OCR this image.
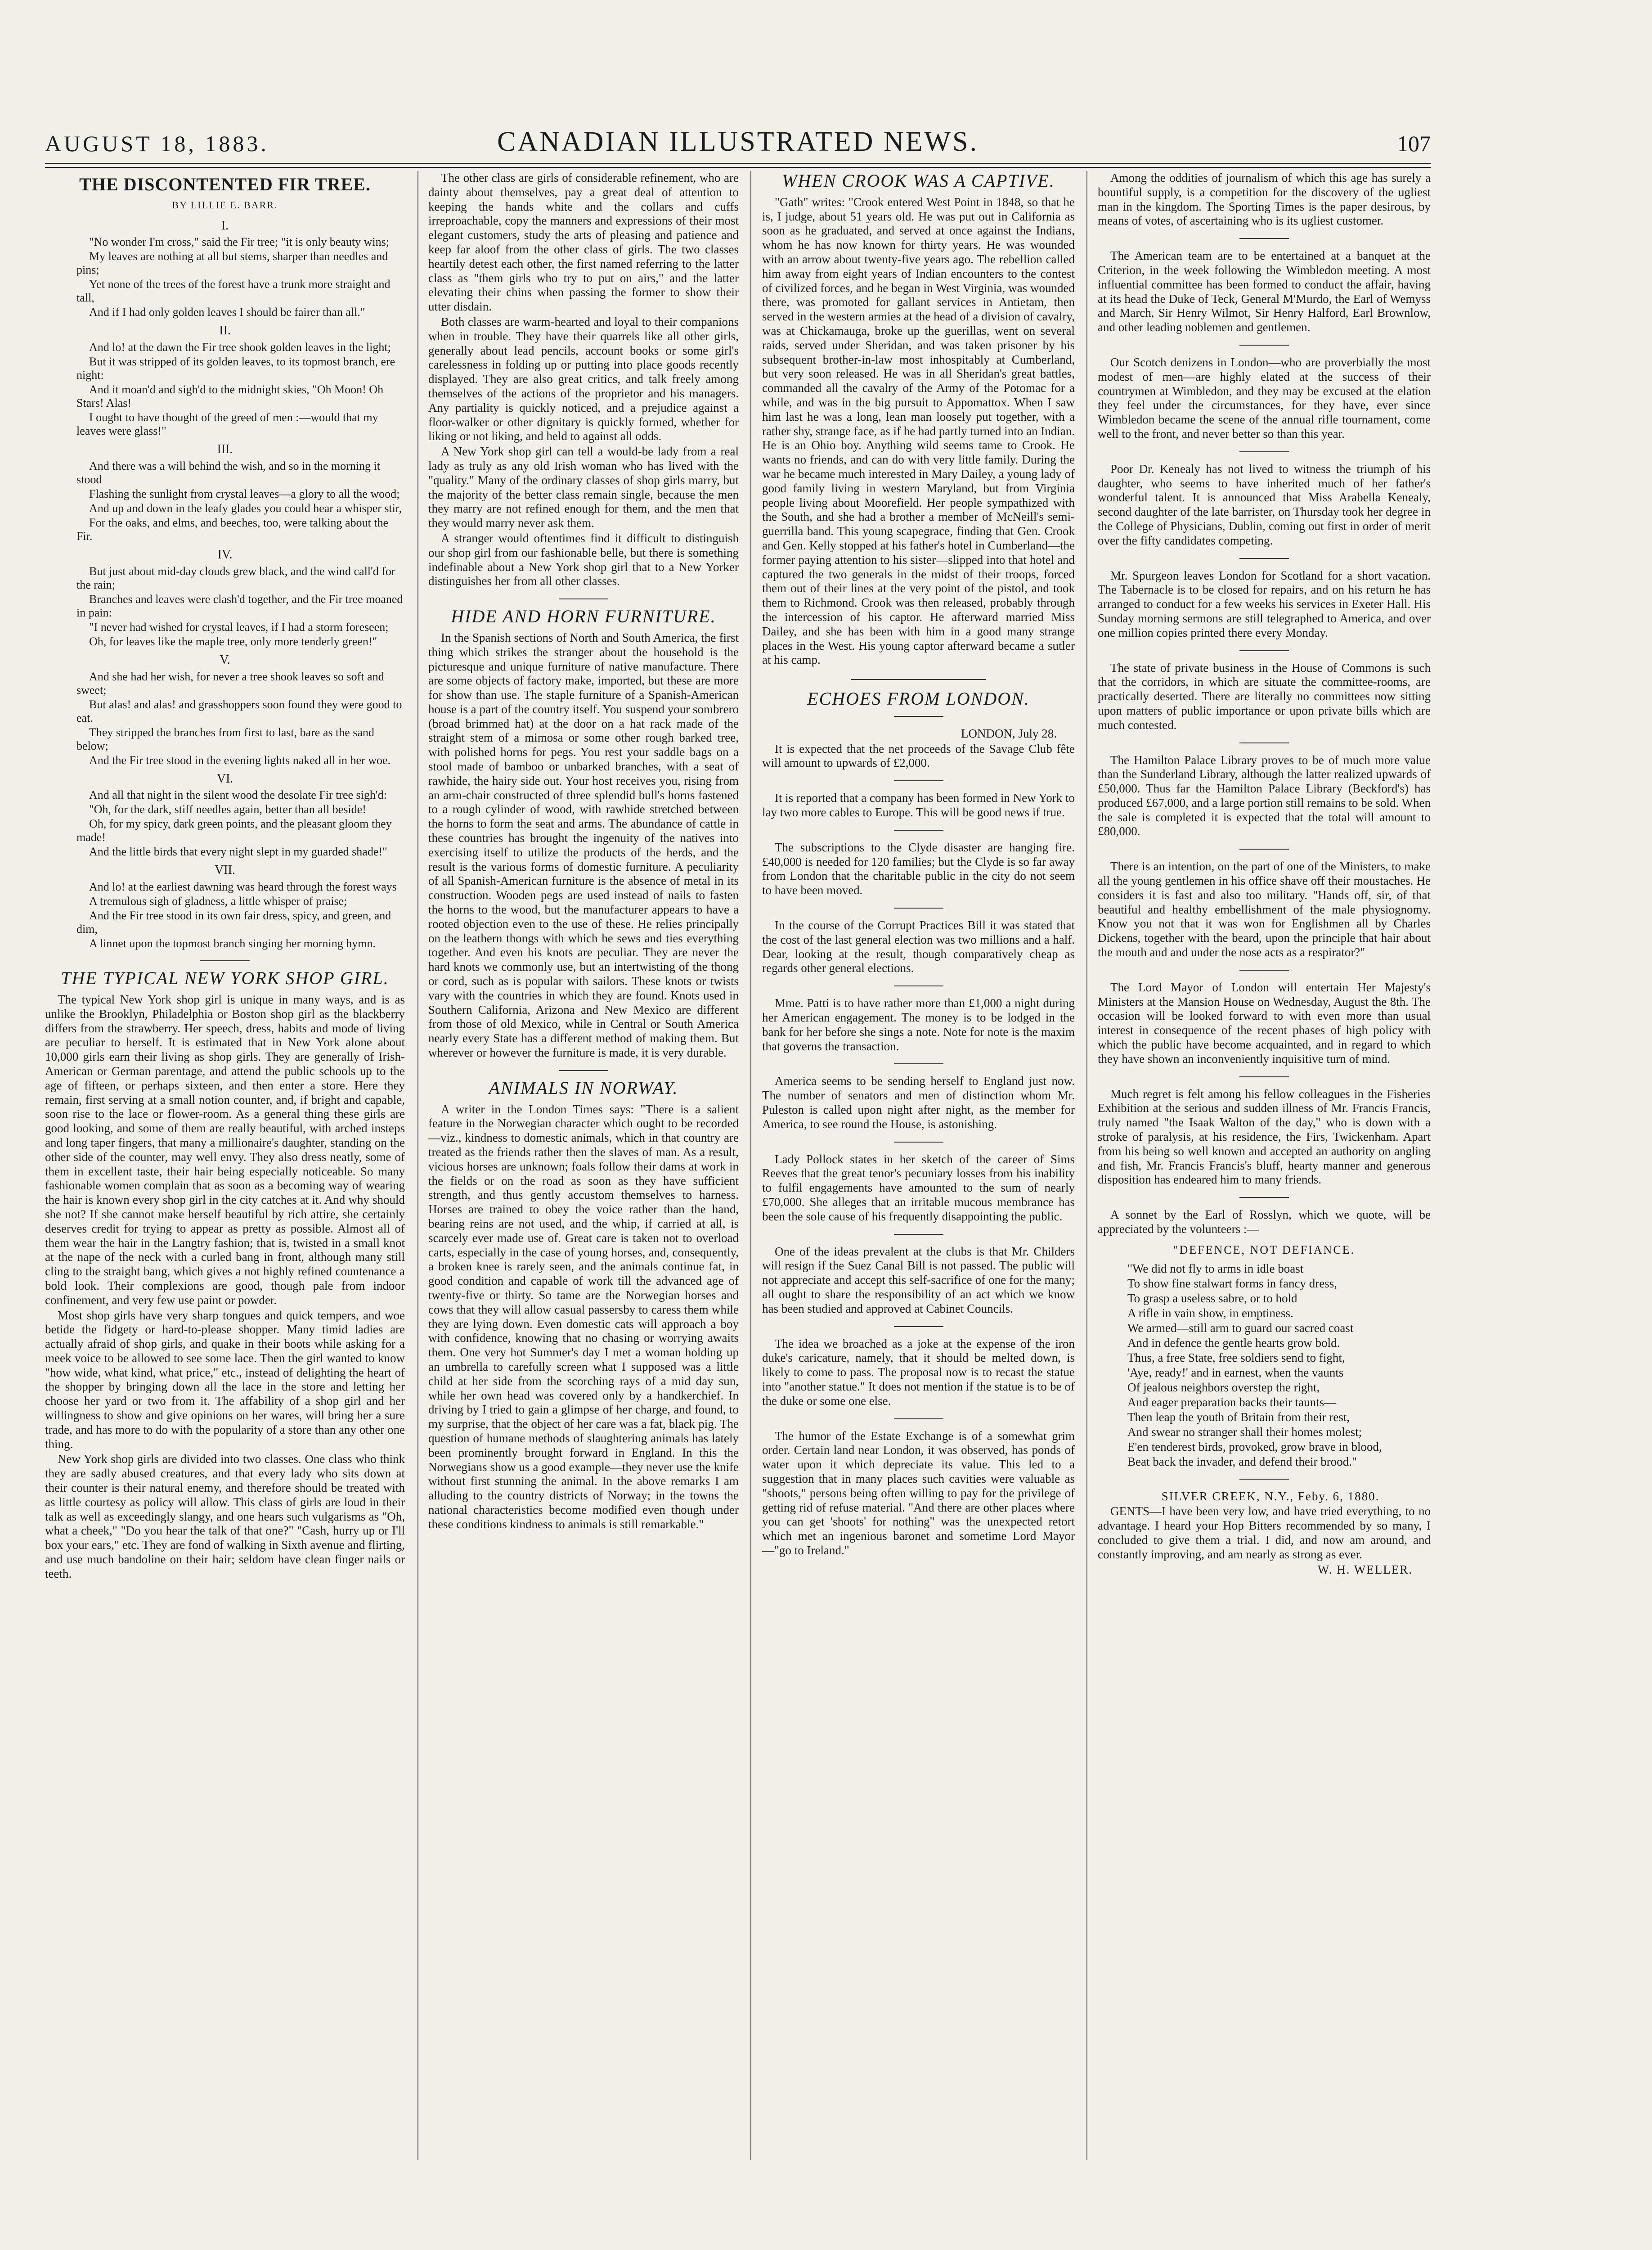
CANADIAN ILLUSTRATED NEWS.
AUGUST 18, 1883.	107
THE DISCONTENTED FIR TREE.
BY LILLIE E. BARR.
I.

"No wonder I'm cross," said the Fir tree; "it is only beauty wins;

My leaves are nothing at all but stems, sharper than needles and pins;

Yet none of the trees of the forest have a trunk more straight and tall,

And if I had only golden leaves I should be fairer than all."

II.

And lo! at the dawn the Fir tree shook golden leaves in the light;

But it was stripped of its golden leaves, to its topmost branch, ere night:

And it moan'd and sigh'd to the midnight skies, "Oh Moon! Oh Stars! Alas!

I ought to have thought of the greed of men :—would that my leaves were glass!"

III.

And there was a will behind the wish, and so in the morning it stood

Flashing the sunlight from crystal leaves—a glory to all the wood;

And up and down in the leafy glades you could hear a whisper stir,

For the oaks, and elms, and beeches, too, were talking about the Fir.

IV.

But just about mid-day clouds grew black, and the wind call'd for the rain;

Branches and leaves were clash'd together, and the Fir tree moaned in pain:

"I never had wished for crystal leaves, if I had a storm foreseen;

Oh, for leaves like the maple tree, only more tenderly green!"

V.

And she had her wish, for never a tree shook leaves so soft and sweet;

But alas! and alas! and grasshoppers soon found they were good to eat.

They stripped the branches from first to last, bare as the sand below;

And the Fir tree stood in the evening lights naked all in her woe.

VI.

And all that night in the silent wood the desolate Fir tree sigh'd:

"Oh, for the dark, stiff needles again, better than all beside!

Oh, for my spicy, dark green points, and the pleasant gloom they made!

And the little birds that every night slept in my guarded shade!"

VII.

And lo! at the earliest dawning was heard through the forest ways

A tremulous sigh of gladness, a little whisper of praise;

And the Fir tree stood in its own fair dress, spicy, and green, and dim,

A linnet upon the topmost branch singing her morning hymn.

THE TYPICAL NEW YORK SHOP GIRL.

The typical New York shop girl is unique in many ways, and is as unlike the Brooklyn, Philadelphia or Boston shop girl as the blackberry differs from the strawberry. Her speech, dress, habits and mode of living are peculiar to herself. It is estimated that in New York alone about 10,000 girls earn their living as shop girls. They are generally of Irish-American or German parentage, and attend the public schools up to the age of fifteen, or perhaps sixteen, and then enter a store. Here they remain, first serving at a small notion counter, and, if bright and capable, soon rise to the lace or flower-room. As a general thing these girls are good looking, and some of them are really beautiful, with arched insteps and long taper fingers, that many a millionaire's daughter, standing on the other side of the counter, may well envy. They also dress neatly, some of them in excellent taste, their hair being especially noticeable. So many fashionable women complain that as soon as a becoming way of wearing the hair is known every shop girl in the city catches at it. And why should she not? If she cannot make herself beautiful by rich attire, she certainly deserves credit for trying to appear as pretty as possible. Almost all of them wear the hair in the Langtry fashion; that is, twisted in a small knot at the nape of the neck with a curled bang in front, although many still cling to the straight bang, which gives a not highly refined countenance a bold look. Their complexions are good, though pale from indoor confinement, and very few use paint or powder.

Most shop girls have very sharp tongues and quick tempers, and woe betide the fidgety or hard-to-please shopper. Many timid ladies are actually afraid of shop girls, and quake in their boots while asking for a meek voice to be allowed to see some lace. Then the girl wanted to know "how wide, what kind, what price," etc., instead of delighting the heart of the shopper by bringing down all the lace in the store and letting her choose her yard or two from it. The affability of a shop girl and her willingness to show and give opinions on her wares, will bring her a sure trade, and has more to do with the popularity of a store than any other one thing.

New York shop girls are divided into two classes. One class who think they are sadly abused creatures, and that every lady who sits down at their counter is their natural enemy, and therefore should be treated with as little courtesy as policy will allow. This class of girls are loud in their talk as well as exceedingly slangy, and one hears such vulgarisms as "Oh, what a cheek," "Do you hear the talk of that one?" "Cash, hurry up or I'll box your ears," etc. They are fond of walking in Sixth avenue and flirting, and use much bandoline on their hair; seldom have clean finger nails or teeth.

The other class are girls of considerable refinement, who are dainty about themselves, pay a great deal of attention to keeping the hands white and the collars and cuffs irreproachable, copy the manners and expressions of their most elegant customers, study the arts of pleasing and patience and keep far aloof from the other class of girls. The two classes heartily detest each other, the first named referring to the latter class as "them girls who try to put on airs," and the latter elevating their chins when passing the former to show their utter disdain.

Both classes are warm-hearted and loyal to their companions when in trouble. They have their quarrels like all other girls, generally about lead pencils, account books or some girl's carelessness in folding up or putting into place goods recently displayed. They are also great critics, and talk freely among themselves of the actions of the proprietor and his managers. Any partiality is quickly noticed, and a prejudice against a floor-walker or other dignitary is quickly formed, whether for liking or not liking, and held to against all odds.

A New York shop girl can tell a would-be lady from a real lady as truly as any old Irish woman who has lived with the "quality." Many of the ordinary classes of shop girls marry, but the majority of the better class remain single, because the men they marry are not refined enough for them, and the men that they would marry never ask them.

A stranger would oftentimes find it difficult to distinguish our shop girl from our fashionable belle, but there is something indefinable about a New York shop girl that to a New Yorker distinguishes her from all other classes.

HIDE AND HORN FURNITURE.

In the Spanish sections of North and South America, the first thing which strikes the stranger about the household is the picturesque and unique furniture of native manufacture. There are some objects of factory make, imported, but these are more for show than use. The staple furniture of a Spanish-American house is a part of the country itself. You suspend your sombrero (broad brimmed hat) at the door on a hat rack made of the straight stem of a mimosa or some other rough barked tree, with polished horns for pegs. You rest your saddle bags on a stool made of bamboo or unbarked branches, with a seat of rawhide, the hairy side out. Your host receives you, rising from an arm-chair constructed of three splendid bull's horns fastened to a rough cylinder of wood, with rawhide stretched between the horns to form the seat and arms. The abundance of cattle in these countries has brought the ingenuity of the natives into exercising itself to utilize the products of the herds, and the result is the various forms of domestic furniture. A peculiarity of all Spanish-American furniture is the absence of metal in its construction. Wooden pegs are used instead of nails to fasten the horns to the wood, but the manufacturer appears to have a rooted objection even to the use of these. He relies principally on the leathern thongs with which he sews and ties everything together. And even his knots are peculiar. They are never the hard knots we commonly use, but an intertwisting of the thong or cord, such as is popular with sailors. These knots or twists vary with the countries in which they are found. Knots used in Southern California, Arizona and New Mexico are different from those of old Mexico, while in Central or South America nearly every State has a different method of making them. But wherever or however the furniture is made, it is very durable.

ANIMALS IN NORWAY.

A writer in the London Times says: "There is a salient feature in the Norwegian character which ought to be recorded—viz., kindness to domestic animals, which in that country are treated as the friends rather then the slaves of man. As a result, vicious horses are unknown; foals follow their dams at work in the fields or on the road as soon as they have sufficient strength, and thus gently accustom themselves to harness. Horses are trained to obey the voice rather than the hand, bearing reins are not used, and the whip, if carried at all, is scarcely ever made use of. Great care is taken not to overload carts, especially in the case of young horses, and, consequently, a broken knee is rarely seen, and the animals continue fat, in good condition and capable of work till the advanced age of twenty-five or thirty. So tame are the Norwegian horses and cows that they will allow casual passersby to caress them while they are lying down. Even domestic cats will approach a boy with confidence, knowing that no chasing or worrying awaits them. One very hot Summer's day I met a woman holding up an umbrella to carefully screen what I supposed was a little child at her side from the scorching rays of a mid day sun, while her own head was covered only by a handkerchief. In driving by I tried to gain a glimpse of her charge, and found, to my surprise, that the object of her care was a fat, black pig. The question of humane methods of slaughtering animals has lately been prominently brought forward in England. In this the Norwegians show us a good example—they never use the knife without first stunning the animal. In the above remarks I am alluding to the country districts of Norway; in the towns the national characteristics become modified even though under these conditions kindness to animals is still remarkable."

WHEN CROOK WAS A CAPTIVE.

"Gath" writes: "Crook entered West Point in 1848, so that he is, I judge, about 51 years old. He was put out in California as soon as he graduated, and served at once against the Indians, whom he has now known for thirty years. He was wounded with an arrow about twenty-five years ago. The rebellion called him away from eight years of Indian encounters to the contest of civilized forces, and he began in West Virginia, was wounded there, was promoted for gallant services in Antietam, then served in the western armies at the head of a division of cavalry, was at Chickamauga, broke up the guerillas, went on several raids, served under Sheridan, and was taken prisoner by his subsequent brother-in-law most inhospitably at Cumberland, but very soon released. He was in all Sheridan's great battles, commanded all the cavalry of the Army of the Potomac for a while, and was in the big pursuit to Appomattox. When I saw him last he was a long, lean man loosely put together, with a rather shy, strange face, as if he had partly turned into an Indian. He is an Ohio boy. Anything wild seems tame to Crook. He wants no friends, and can do with very little family. During the war he became much interested in Mary Dailey, a young lady of good family living in western Maryland, but from Virginia people living about Moorefield. Her people sympathized with the South, and she had a brother a member of McNeill's semi-guerrilla band. This young scapegrace, finding that Gen. Crook and Gen. Kelly stopped at his father's hotel in Cumberland—the former paying attention to his sister—slipped into that hotel and captured the two generals in the midst of their troops, forced them out of their lines at the very point of the pistol, and took them to Richmond. Crook was then released, probably through the intercession of his captor. He afterward married Miss Dailey, and she has been with him in a good many strange places in the West. His young captor afterward became a sutler at his camp.

ECHOES FROM LONDON.

LONDON, July 28.

It is expected that the net proceeds of the Savage Club fête will amount to upwards of £2,000.

It is reported that a company has been formed in New York to lay two more cables to Europe. This will be good news if true.

The subscriptions to the Clyde disaster are hanging fire. £40,000 is needed for 120 families; but the Clyde is so far away from London that the charitable public in the city do not seem to have been moved.

In the course of the Corrupt Practices Bill it was stated that the cost of the last general election was two millions and a half. Dear, looking at the result, though comparatively cheap as regards other general elections.

Mme. Patti is to have rather more than £1,000 a night during her American engagement. The money is to be lodged in the bank for her before she sings a note. Note for note is the maxim that governs the transaction.

America seems to be sending herself to England just now. The number of senators and men of distinction whom Mr. Puleston is called upon night after night, as the member for America, to see round the House, is astonishing.

Lady Pollock states in her sketch of the career of Sims Reeves that the great tenor's pecuniary losses from his inability to fulfil engagements have amounted to the sum of nearly £70,000. She alleges that an irritable mucous membrance has been the sole cause of his frequently disappointing the public.

One of the ideas prevalent at the clubs is that Mr. Childers will resign if the Suez Canal Bill is not passed. The public will not appreciate and accept this self-sacrifice of one for the many; all ought to share the responsibility of an act which we know has been studied and approved at Cabinet Councils.

The idea we broached as a joke at the expense of the iron duke's caricature, namely, that it should be melted down, is likely to come to pass. The proposal now is to recast the statue into "another statue." It does not mention if the statue is to be of the duke or some one else.

The humor of the Estate Exchange is of a somewhat grim order. Certain land near London, it was observed, has ponds of water upon it which depreciate its value. This led to a suggestion that in many places such cavities were valuable as "shoots," persons being often willing to pay for the privilege of getting rid of refuse material. "And there are other places where you can get 'shoots' for nothing" was the unexpected retort which met an ingenious baronet and sometime Lord Mayor—"go to Ireland."

Among the oddities of journalism of which this age has surely a bountiful supply, is a competition for the discovery of the ugliest man in the kingdom. The Sporting Times is the paper desirous, by means of votes, of ascertaining who is its ugliest customer.

The American team are to be entertained at a banquet at the Criterion, in the week following the Wimbledon meeting. A most influential committee has been formed to conduct the affair, having at its head the Duke of Teck, General M'Murdo, the Earl of Wemyss and March, Sir Henry Wilmot, Sir Henry Halford, Earl Brownlow, and other leading noblemen and gentlemen.

Our Scotch denizens in London—who are proverbially the most modest of men—are highly elated at the success of their countrymen at Wimbledon, and they may be excused at the elation they feel under the circumstances, for they have, ever since Wimbledon became the scene of the annual rifle tournament, come well to the front, and never better so than this year.

Poor Dr. Kenealy has not lived to witness the triumph of his daughter, who seems to have inherited much of her father's wonderful talent. It is announced that Miss Arabella Kenealy, second daughter of the late barrister, on Thursday took her degree in the College of Physicians, Dublin, coming out first in order of merit over the fifty candidates competing.

Mr. Spurgeon leaves London for Scotland for a short vacation. The Tabernacle is to be closed for repairs, and on his return he has arranged to conduct for a few weeks his services in Exeter Hall. His Sunday morning sermons are still telegraphed to America, and over one million copies printed there every Monday.

The state of private business in the House of Commons is such that the corridors, in which are situate the committee-rooms, are practically deserted. There are literally no committees now sitting upon matters of public importance or upon private bills which are much contested.

The Hamilton Palace Library proves to be of much more value than the Sunderland Library, although the latter realized upwards of £50,000. Thus far the Hamilton Palace Library (Beckford's) has produced £67,000, and a large portion still remains to be sold. When the sale is completed it is expected that the total will amount to £80,000.

There is an intention, on the part of one of the Ministers, to make all the young gentlemen in his office shave off their moustaches. He considers it is fast and also too military. "Hands off, sir, of that beautiful and healthy embellishment of the male physiognomy. Know you not that it was won for Englishmen all by Charles Dickens, together with the beard, upon the principle that hair about the mouth and and under the nose acts as a respirator?"

The Lord Mayor of London will entertain Her Majesty's Ministers at the Mansion House on Wednesday, August the 8th. The occasion will be looked forward to with even more than usual interest in consequence of the recent phases of high policy with which the public have become acquainted, and in regard to which they have shown an inconveniently inquisitive turn of mind.

Much regret is felt among his fellow colleagues in the Fisheries Exhibition at the serious and sudden illness of Mr. Francis Francis, truly named "the Isaak Walton of the day," who is down with a stroke of paralysis, at his residence, the Firs, Twickenham. Apart from his being so well known and accepted an authority on angling and fish, Mr. Francis Francis's bluff, hearty manner and generous disposition has endeared him to many friends.

A sonnet by the Earl of Rosslyn, which we quote, will be appreciated by the volunteers :—

"DEFENCE, NOT DEFIANCE.

"We did not fly to arms in idle boast

To show fine stalwart forms in fancy dress,

To grasp a useless sabre, or to hold

A rifle in vain show, in emptiness.

We armed—still arm to guard our sacred coast

And in defence the gentle hearts grow bold.

Thus, a free State, free soldiers send to fight,

'Aye, ready!' and in earnest, when the vaunts

Of jealous neighbors overstep the right,

And eager preparation backs their taunts—

Then leap the youth of Britain from their rest,

And swear no stranger shall their homes molest;

E'en tenderest birds, provoked, grow brave in blood,

Beat back the invader, and defend their brood."

SILVER CREEK, N.Y., Feby. 6, 1880.

GENTS—I have been very low, and have tried everything, to no advantage. I heard your Hop Bitters recommended by so many, I concluded to give them a trial. I did, and now am around, and constantly improving, and am nearly as strong as ever.

W. H. WELLER.
